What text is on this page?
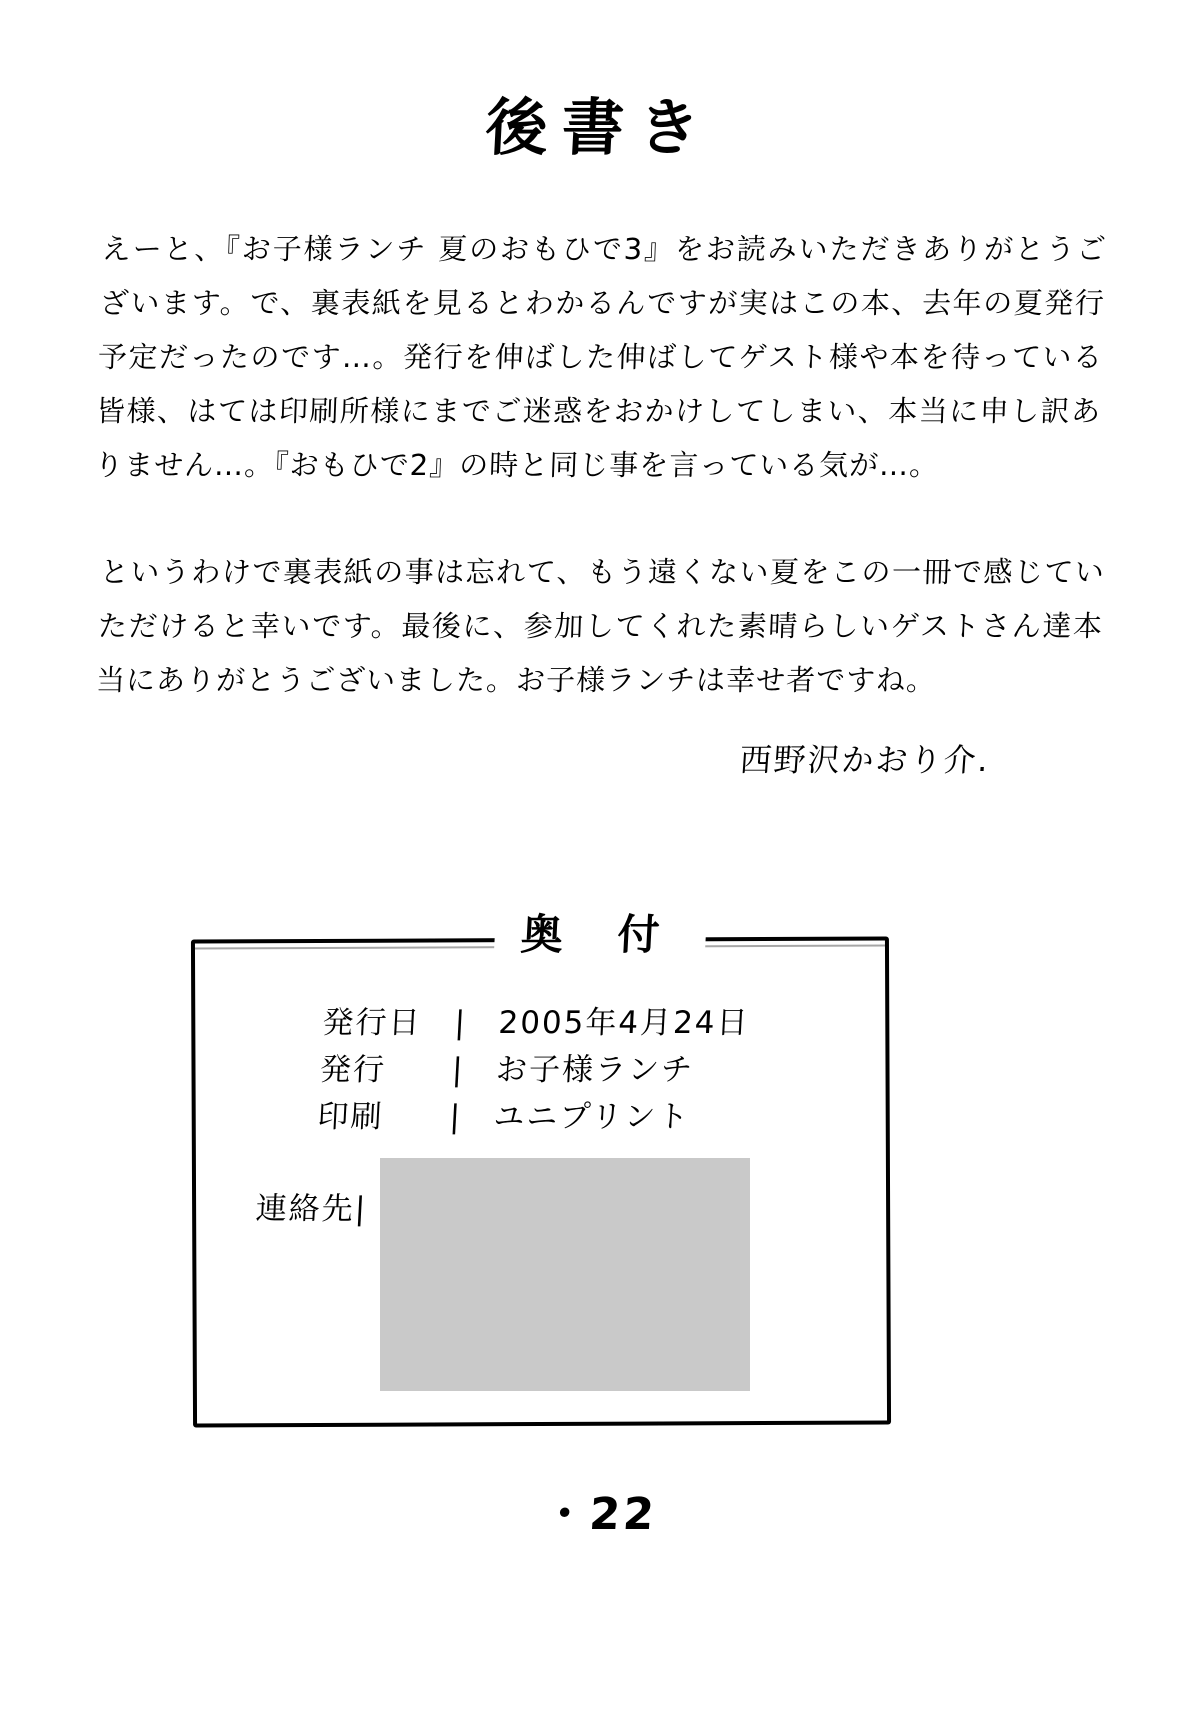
後書き
えーと、『お子様ランチ 夏のおもひで3』をお読みいただきありがとうございます。で、裏表紙を見るとわかるんですが実はこの本、去年の夏発行予定だったのです…。発行を伸ばした伸ばしてゲスト様や本を待っている皆様、はては印刷所様にまでご迷惑をおかけしてしまい、本当に申し訳ありません…。『おもひで2』の時と同じ事を言っている気が…。
というわけで裏表紙の事は忘れて、もう遠くない夏をこの一冊で感じていただけると幸いです。最後に、参加してくれた素晴らしいゲストさん達本当にありがとうございました。お子様ランチは幸せ者ですね。
西野沢かおり介.
奥 付
発行日	| 2005年4月24日
発行	| お子様ランチ
印刷	| ユニプリント
連絡先|
・22
